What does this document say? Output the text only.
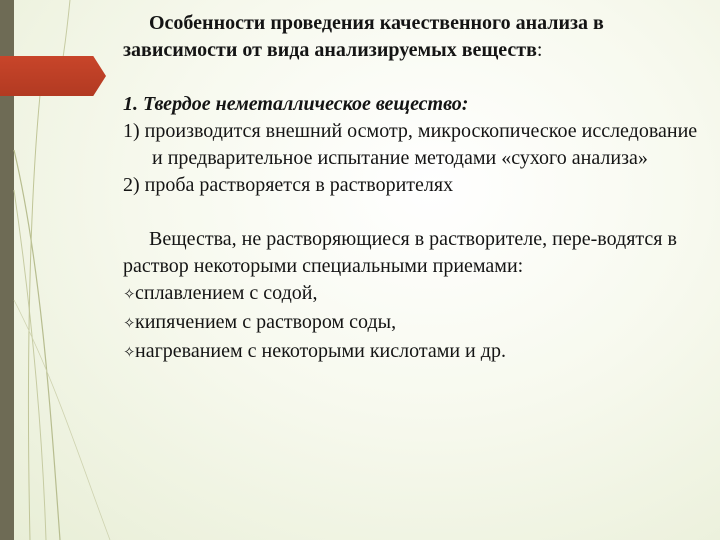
Особенности проведения качественного анализа в зависимости от вида анализируемых веществ:

1. Твердое неметаллическое вещество:

1) производится внешний осмотр, микроскопическое исследование и предварительное испытание методами «сухого анализа»

2) проба растворяется в растворителях

Вещества, не растворяющиеся в растворителе, пере-водятся в раствор некоторыми специальными приемами:

✧сплавлением с содой,

✧кипячением с раствором соды,

✧нагреванием с некоторыми кислотами и др.
